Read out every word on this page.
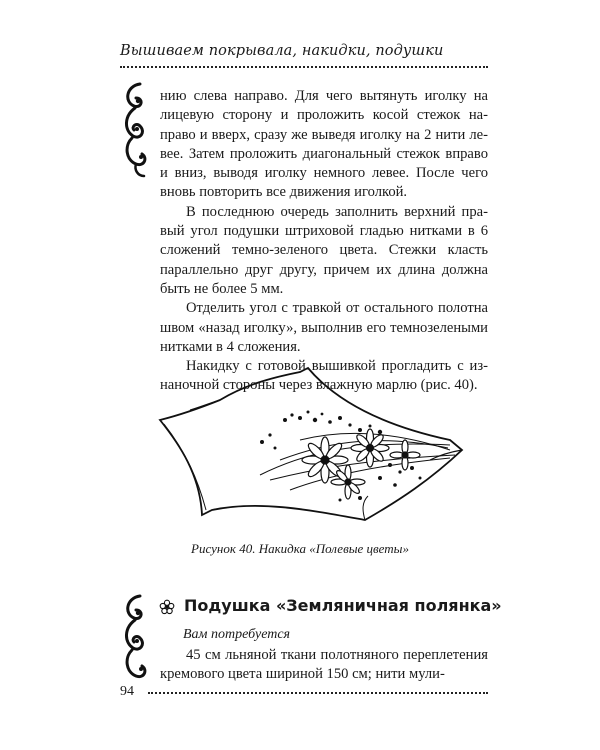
Вышиваем покрывала, накидки, подушки

нию слева направо. Для чего вытянуть иголку на лицевую сторону и проложить косой стежок направо и вверх, сразу же выведя иголку на 2 нити левее. Затем проложить диагональный стежок вправо и вниз, выводя иголку немного левее. После чего вновь повторить все движения иголкой.

В последнюю очередь заполнить верхний правый угол подушки штриховой гладью нитками в 6 сложений темно-зеленого цвета. Стежки класть параллельно друг другу, причем их длина должна быть не более 5 мм.

Отделить угол с травкой от остального полотна швом «назад иголку», выполнив его темнозелеными нитками в 4 сложения.

Накидку с готовой вышивкой прогладить с изнаночной стороны через влажную марлю (рис. 40).

Рисунок 40. Накидка «Полевые цветы»
Подушка «Земляничная полянка»
Вам потребуется

45 см льняной ткани полотняного переплетения кремового цвета шириной 150 см; нити мули-

94
